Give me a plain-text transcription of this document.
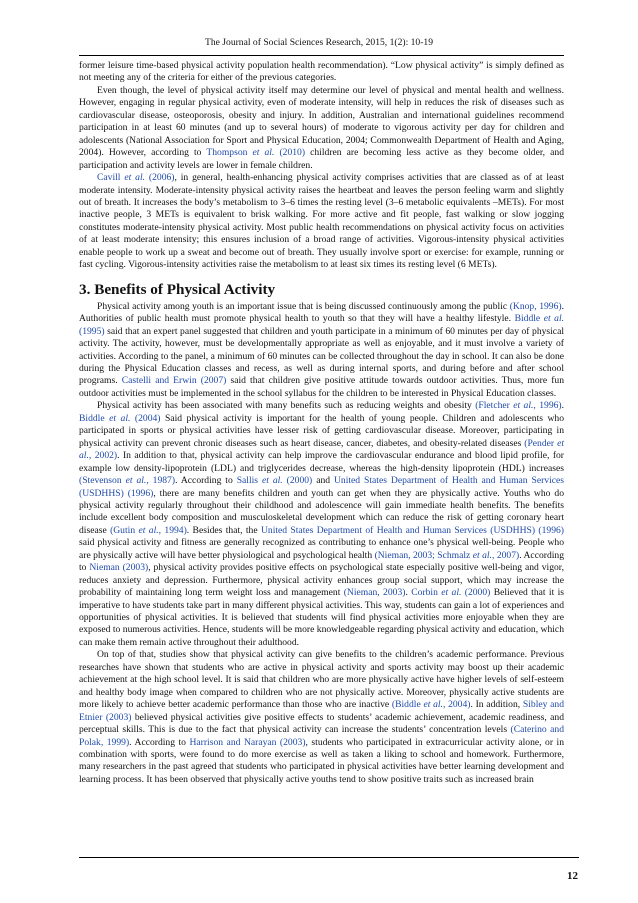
The Journal of Social Sciences Research, 2015, 1(2): 10-19

former leisure time-based physical activity population health recommendation). “Low physical activity” is simply defined as not meeting any of the criteria for either of the previous categories.

Even though, the level of physical activity itself may determine our level of physical and mental health and wellness. However, engaging in regular physical activity, even of moderate intensity, will help in reduces the risk of diseases such as cardiovascular disease, osteoporosis, obesity and injury. In addition, Australian and international guidelines recommend participation in at least 60 minutes (and up to several hours) of moderate to vigorous activity per day for children and adolescents (National Association for Sport and Physical Education, 2004; Commonwealth Department of Health and Aging, 2004). However, according to Thompson et al. (2010) children are becoming less active as they become older, and participation and activity levels are lower in female children.

Cavill et al. (2006), in general, health-enhancing physical activity comprises activities that are classed as of at least moderate intensity. Moderate-intensity physical activity raises the heartbeat and leaves the person feeling warm and slightly out of breath. It increases the body’s metabolism to 3–6 times the resting level (3–6 metabolic equivalents –METs). For most inactive people, 3 METs is equivalent to brisk walking. For more active and fit people, fast walking or slow jogging constitutes moderate-intensity physical activity. Most public health recommendations on physical activity focus on activities of at least moderate intensity; this ensures inclusion of a broad range of activities. Vigorous-intensity physical activities enable people to work up a sweat and become out of breath. They usually involve sport or exercise: for example, running or fast cycling. Vigorous-intensity activities raise the metabolism to at least six times its resting level (6 METs).

3. Benefits of Physical Activity

Physical activity among youth is an important issue that is being discussed continuously among the public (Knop, 1996). Authorities of public health must promote physical health to youth so that they will have a healthy lifestyle. Biddle et al. (1995) said that an expert panel suggested that children and youth participate in a minimum of 60 minutes per day of physical activity. The activity, however, must be developmentally appropriate as well as enjoyable, and it must involve a variety of activities. According to the panel, a minimum of 60 minutes can be collected throughout the day in school. It can also be done during the Physical Education classes and recess, as well as during internal sports, and during before and after school programs. Castelli and Erwin (2007) said that children give positive attitude towards outdoor activities. Thus, more fun outdoor activities must be implemented in the school syllabus for the children to be interested in Physical Education classes.

Physical activity has been associated with many benefits such as reducing weights and obesity (Fletcher et al., 1996). Biddle et al. (2004) Said physical activity is important for the health of young people. Children and adolescents who participated in sports or physical activities have lesser risk of getting cardiovascular disease. Moreover, participating in physical activity can prevent chronic diseases such as heart disease, cancer, diabetes, and obesity-related diseases (Pender et al., 2002). In addition to that, physical activity can help improve the cardiovascular endurance and blood lipid profile, for example low density-lipoprotein (LDL) and triglycerides decrease, whereas the high-density lipoprotein (HDL) increases (Stevenson et al., 1987). According to Sallis et al. (2000) and United States Department of Health and Human Services (USDHHS) (1996), there are many benefits children and youth can get when they are physically active. Youths who do physical activity regularly throughout their childhood and adolescence will gain immediate health benefits. The benefits include excellent body composition and musculoskeletal development which can reduce the risk of getting coronary heart disease (Gutin et al., 1994). Besides that, the United States Department of Health and Human Services (USDHHS) (1996) said physical activity and fitness are generally recognized as contributing to enhance one’s physical well-being. People who are physically active will have better physiological and psychological health (Nieman, 2003; Schmalz et al., 2007). According to Nieman (2003), physical activity provides positive effects on psychological state especially positive well-being and vigor, reduces anxiety and depression. Furthermore, physical activity enhances group social support, which may increase the probability of maintaining long term weight loss and management (Nieman, 2003). Corbin et al. (2000) Believed that it is imperative to have students take part in many different physical activities. This way, students can gain a lot of experiences and opportunities of physical activities. It is believed that students will find physical activities more enjoyable when they are exposed to numerous activities. Hence, students will be more knowledgeable regarding physical activity and education, which can make them remain active throughout their adulthood.

On top of that, studies show that physical activity can give benefits to the children’s academic performance. Previous researches have shown that students who are active in physical activity and sports activity may boost up their academic achievement at the high school level. It is said that children who are more physically active have higher levels of self-esteem and healthy body image when compared to children who are not physically active. Moreover, physically active students are more likely to achieve better academic performance than those who are inactive (Biddle et al., 2004). In addition, Sibley and Etnier (2003) believed physical activities give positive effects to students’ academic achievement, academic readiness, and perceptual skills. This is due to the fact that physical activity can increase the students’ concentration levels (Caterino and Polak, 1999). According to Harrison and Narayan (2003), students who participated in extracurricular activity alone, or in combination with sports, were found to do more exercise as well as taken a liking to school and homework. Furthermore, many researchers in the past agreed that students who participated in physical activities have better learning development and learning process. It has been observed that physically active youths tend to show positive traits such as increased brain

12
